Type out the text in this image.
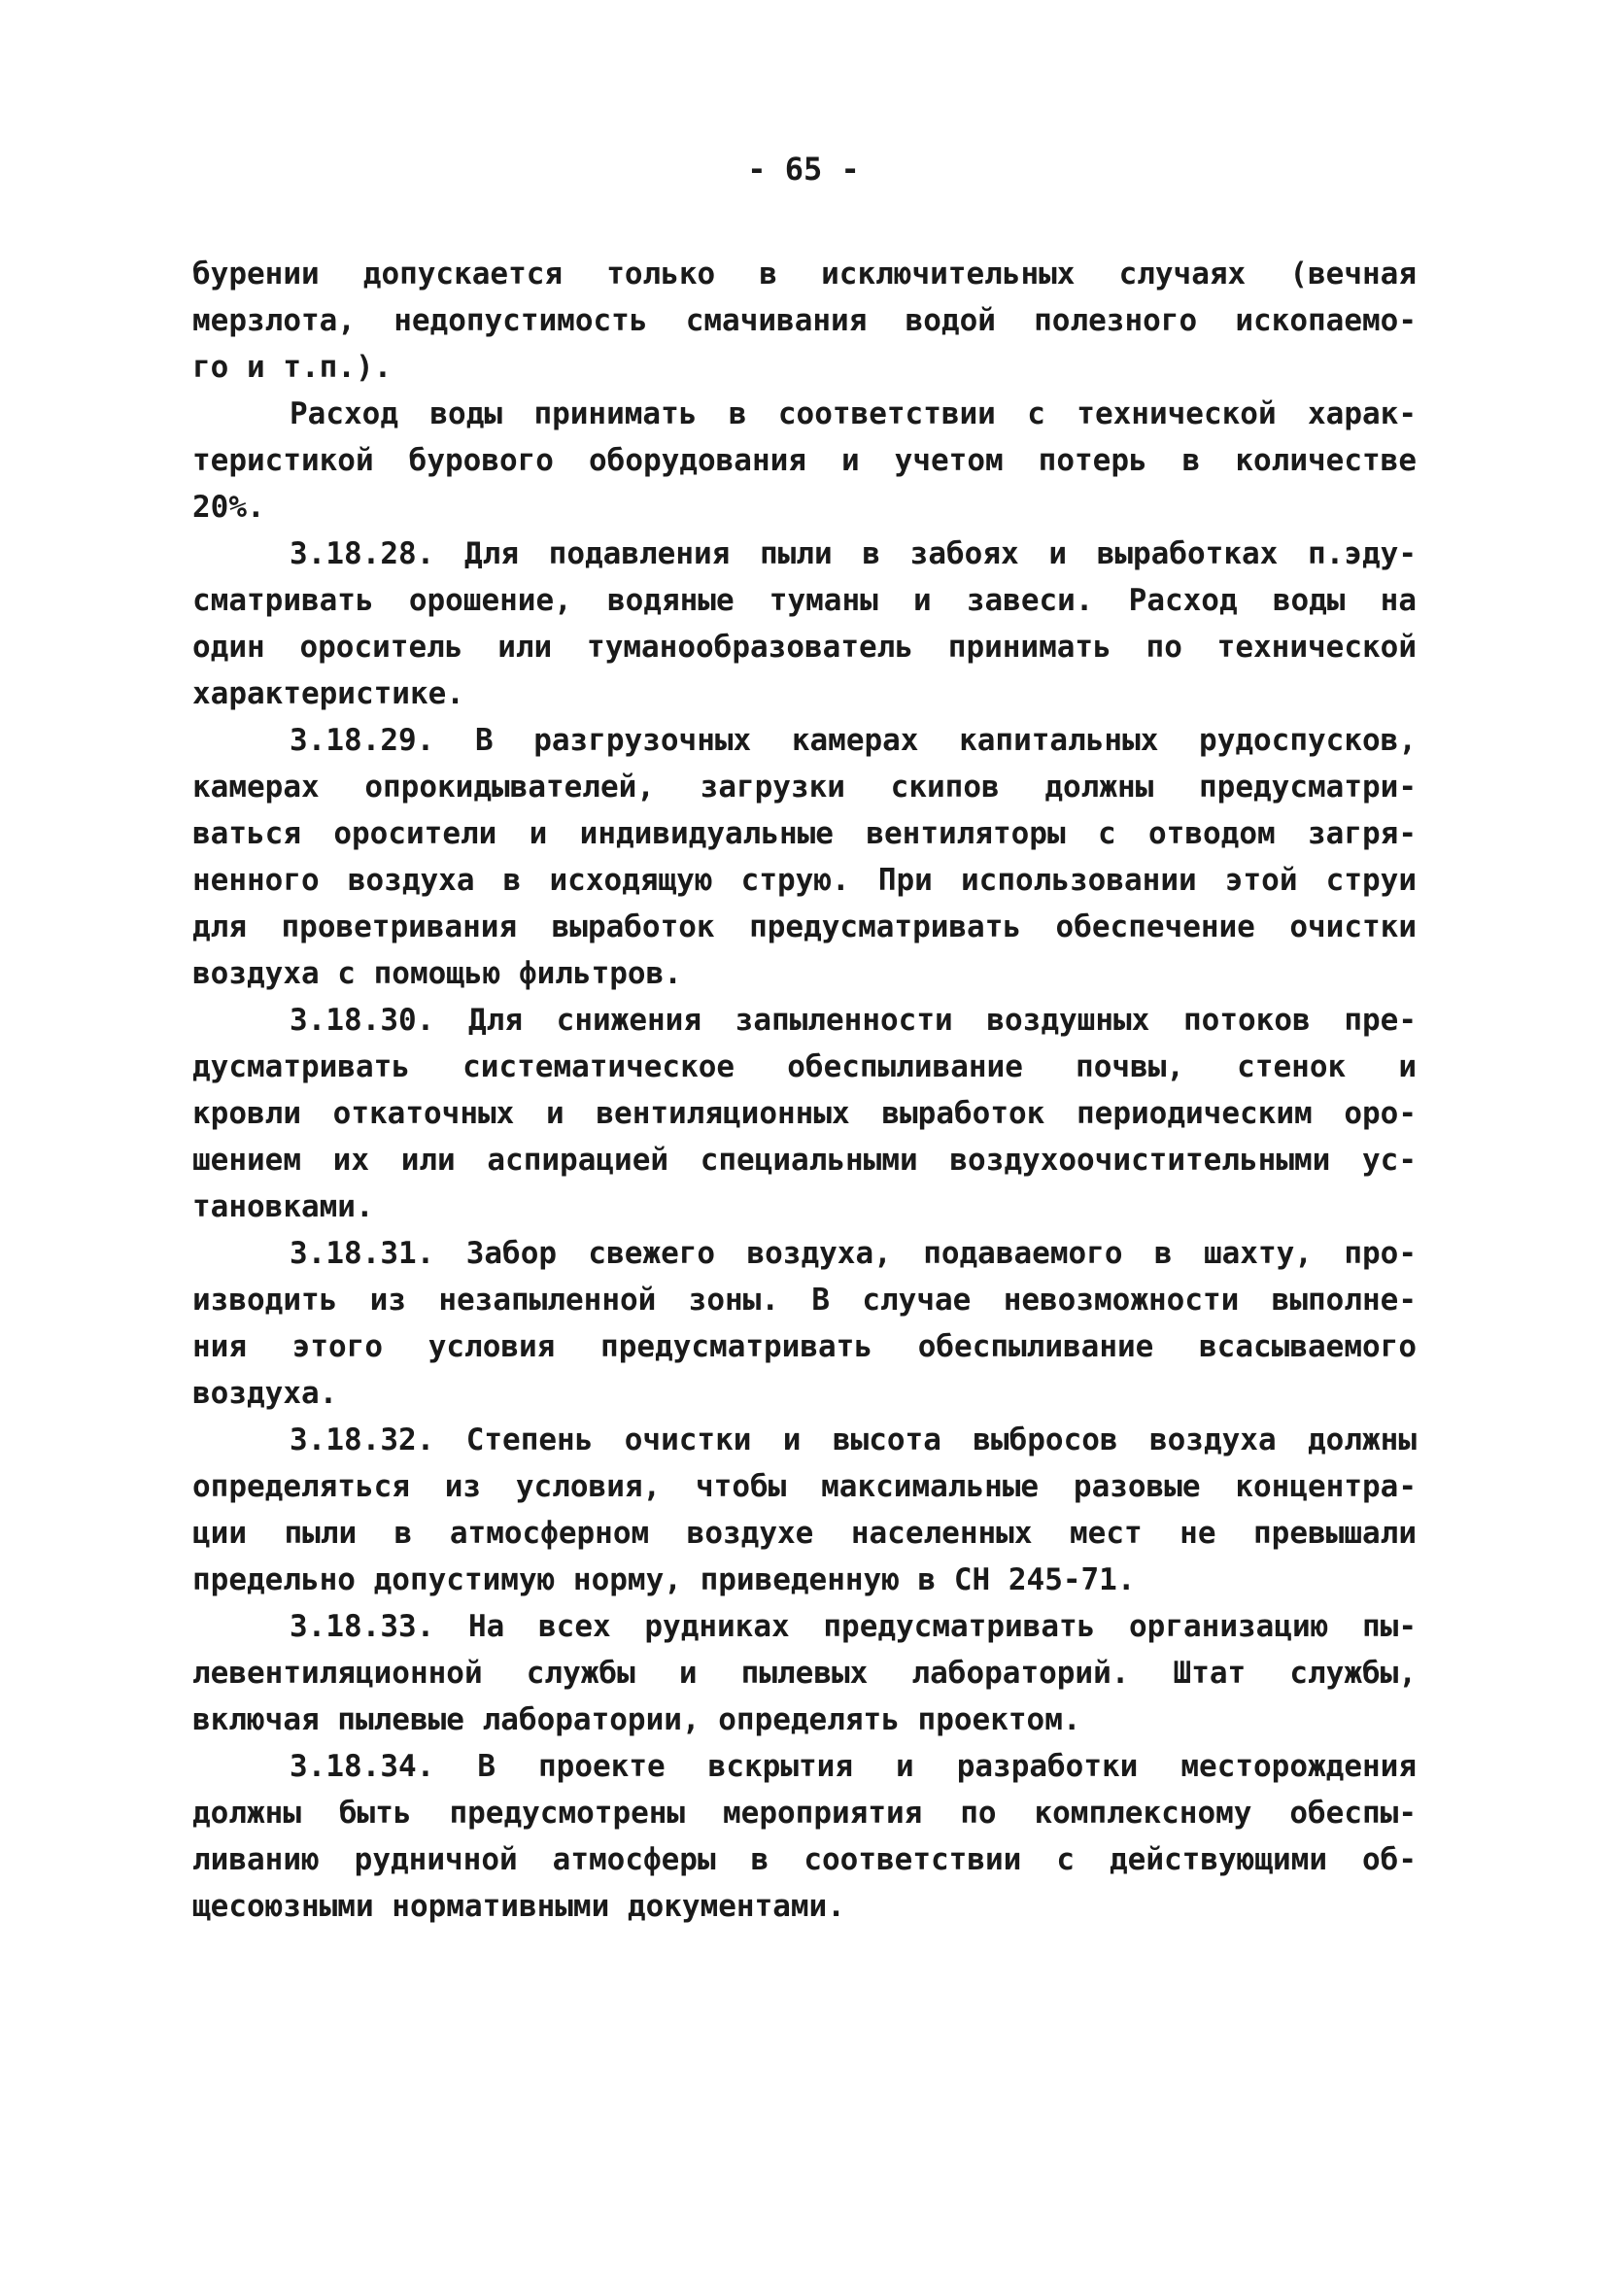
- 65 -
бурении допускается только в исключительных случаях (вечная
мерзлота, недопустимость смачивания водой полезного ископаемо-
го и т.п.).
Расход воды принимать в соответствии с технической харак-
теристикой бурового оборудования и учетом потерь в количестве
20%.
3.18.28. Для подавления пыли в забоях и выработках п.эду-
сматривать орошение, водяные туманы и завеси. Расход воды на
один ороситель или туманообразователь принимать по технической
характеристике.
3.18.29. В разгрузочных камерах капитальных рудоспусков,
камерах опрокидывателей, загрузки скипов должны предусматри-
ваться оросители и индивидуальные вентиляторы с отводом загря-
ненного воздуха в исходящую струю. При использовании этой струи
для проветривания выработок предусматривать обеспечение очистки
воздуха с помощью фильтров.
3.18.30. Для снижения запыленности воздушных потоков пре-
дусматривать систематическое обеспыливание почвы, стенок и
кровли откаточных и вентиляционных выработок периодическим оро-
шением их или аспирацией специальными воздухоочистительными ус-
тановками.
3.18.31. Забор свежего воздуха, подаваемого в шахту, про-
изводить из незапыленной зоны. В случае невозможности выполне-
ния этого условия предусматривать обеспыливание всасываемого
воздуха.
3.18.32. Степень очистки и высота выбросов воздуха должны
определяться из условия, чтобы максимальные разовые концентра-
ции пыли в атмосферном воздухе населенных мест не превышали
предельно допустимую норму, приведенную в СН 245-71.
3.18.33. На всех рудниках предусматривать организацию пы-
левентиляционной службы и пылевых лабораторий. Штат службы,
включая пылевые лаборатории, определять проектом.
3.18.34. В проекте вскрытия и разработки месторождения
должны быть предусмотрены мероприятия по комплексному обеспы-
ливанию рудничной атмосферы в соответствии с действующими об-
щесоюзными нормативными документами.
